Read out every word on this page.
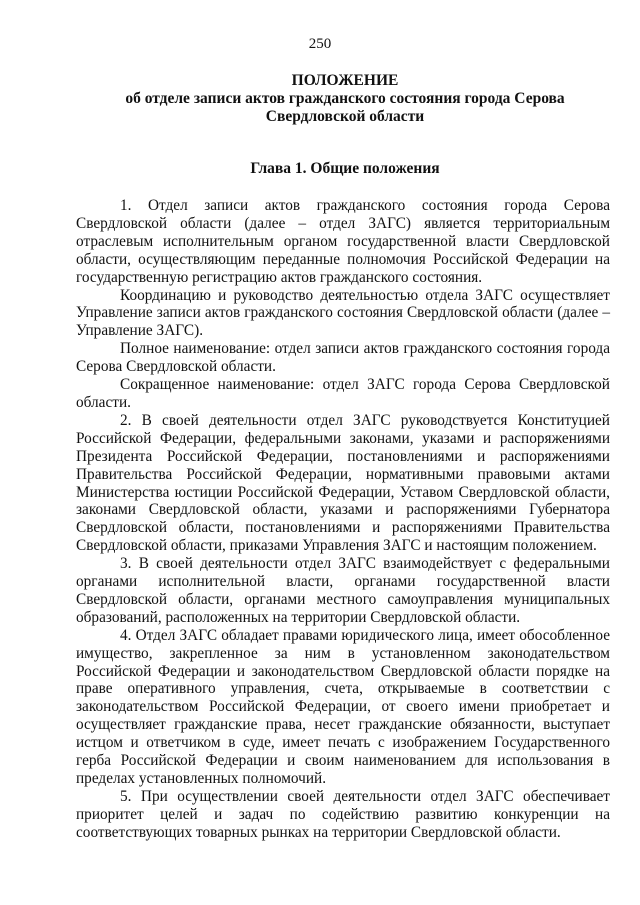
250
ПОЛОЖЕНИЕ
об отделе записи актов гражданского состояния города Серова
Свердловской области
Глава 1. Общие положения

1. Отдел записи актов гражданского состояния города Серова Свердловской области (далее – отдел ЗАГС) является территориальным отраслевым исполнительным органом государственной власти Свердловской области, осуществляющим переданные полномочия Российской Федерации на государственную регистрацию актов гражданского состояния.

Координацию и руководство деятельностью отдела ЗАГС осуществляет Управление записи актов гражданского состояния Свердловской области (далее – Управление ЗАГС).

Полное наименование: отдел записи актов гражданского состояния города Серова Свердловской области.

Сокращенное наименование: отдел ЗАГС города Серова Свердловской области.

2. В своей деятельности отдел ЗАГС руководствуется Конституцией Российской Федерации, федеральными законами, указами и распоряжениями Президента Российской Федерации, постановлениями и распоряжениями Правительства Российской Федерации, нормативными правовыми актами Министерства юстиции Российской Федерации, Уставом Свердловской области, законами Свердловской области, указами и распоряжениями Губернатора Свердловской области, постановлениями и распоряжениями Правительства Свердловской области, приказами Управления ЗАГС и настоящим положением.

3. В своей деятельности отдел ЗАГС взаимодействует с федеральными органами исполнительной власти, органами государственной власти Свердловской области, органами местного самоуправления муниципальных образований, расположенных на территории Свердловской области.

4. Отдел ЗАГС обладает правами юридического лица, имеет обособленное имущество, закрепленное за ним в установленном законодательством Российской Федерации и законодательством Свердловской области порядке на праве оперативного управления, счета, открываемые в соответствии с законодательством Российской Федерации, от своего имени приобретает и осуществляет гражданские права, несет гражданские обязанности, выступает истцом и ответчиком в суде, имеет печать с изображением Государственного герба Российской Федерации и своим наименованием для использования в пределах установленных полномочий.

5. При осуществлении своей деятельности отдел ЗАГС обеспечивает приоритет целей и задач по содействию развитию конкуренции на соответствующих товарных рынках на территории Свердловской области.
